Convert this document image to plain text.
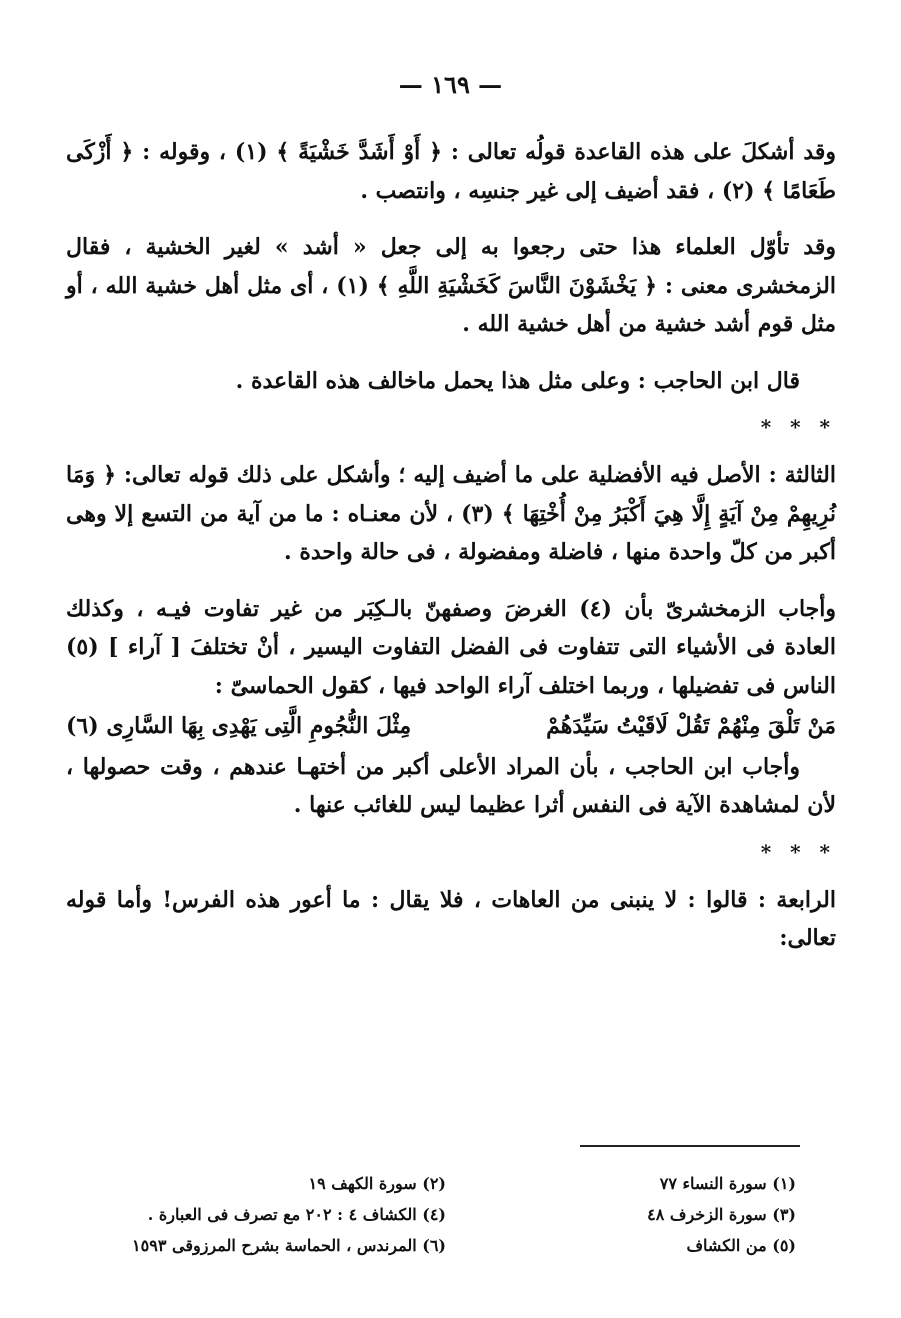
— ١٦٩ —

وقد أشكلَ على هذه القاعدة قولُه تعالى : ﴿ أَوْ أَشَدَّ خَشْيَةً ﴾ (١) ، وقوله : ﴿ أَزْكَى طَعَامًا ﴾ (٢) ، فقد أضيف إلى غير جنسِه ، وانتصب .

وقد تأوّل العلماء هذا حتى رجعوا به إلى جعل « أشد » لغير الخشية ، فقال الزمخشرى معنى : ﴿ يَخْشَوْنَ النَّاسَ كَخَشْيَةِ اللَّهِ ﴾ (١) ، أى مثل أهل خشية الله ، أو مثل قوم أشد خشية من أهل خشية الله .

قال ابن الحاجب : وعلى مثل هذا يحمل ماخالف هذه القاعدة .

* * *

الثالثة : الأصل فيه الأفضلية على ما أضيف إليه ؛ وأشكل على ذلك قوله تعالى: ﴿ وَمَا نُرِيهِمْ مِنْ آيَةٍ إِلَّا هِيَ أَكْبَرُ مِنْ أُخْتِهَا ﴾ (٣) ، لأن معنـاه : ما من آية من التسع إلا وهى أكبر من كلّ واحدة منها ، فاضلة ومفضولة ، فى حالة واحدة .

وأجاب الزمخشرىّ بأن (٤) الغرضَ وصفهنّ بالـكِبَر من غير تفاوت فيـه ، وكذلك العادة فى الأشياء التى تتفاوت فى الفضل التفاوت اليسير ، أنْ تختلفَ [ آراء ] (٥) الناس فى تفضيلها ، وربما اختلف آراء الواحد فيها ، كقول الحماسىّ :

مَنْ تَلْقَ مِنْهُمْ تَقُلْ لَاقَيْتُ سَيِّدَهُمْ
مِثْلَ النُّجُومِ الَّتِى يَهْدِى بِهَا السَّارِى (٦)

وأجاب ابن الحاجب ، بأن المراد الأعلى أكبر من أختهـا عندهم ، وقت حصولها ، لأن لمشاهدة الآية فى النفس أثرا عظيما ليس للغائب عنها .

* * *

الرابعة : قالوا : لا ينبنى من العاهات ، فلا يقال : ما أعور هذه الفرس! وأما قوله تعالى:

(١) سورة النساء ٧٧
(٢) سورة الكهف ١٩
(٣) سورة الزخرف ٤٨
(٤) الكشاف ٤ : ٢٠٢ مع تصرف فى العبارة .
(٥) من الكشاف
(٦) المرندس ، الحماسة بشرح المرزوقى ١٥٩٣
